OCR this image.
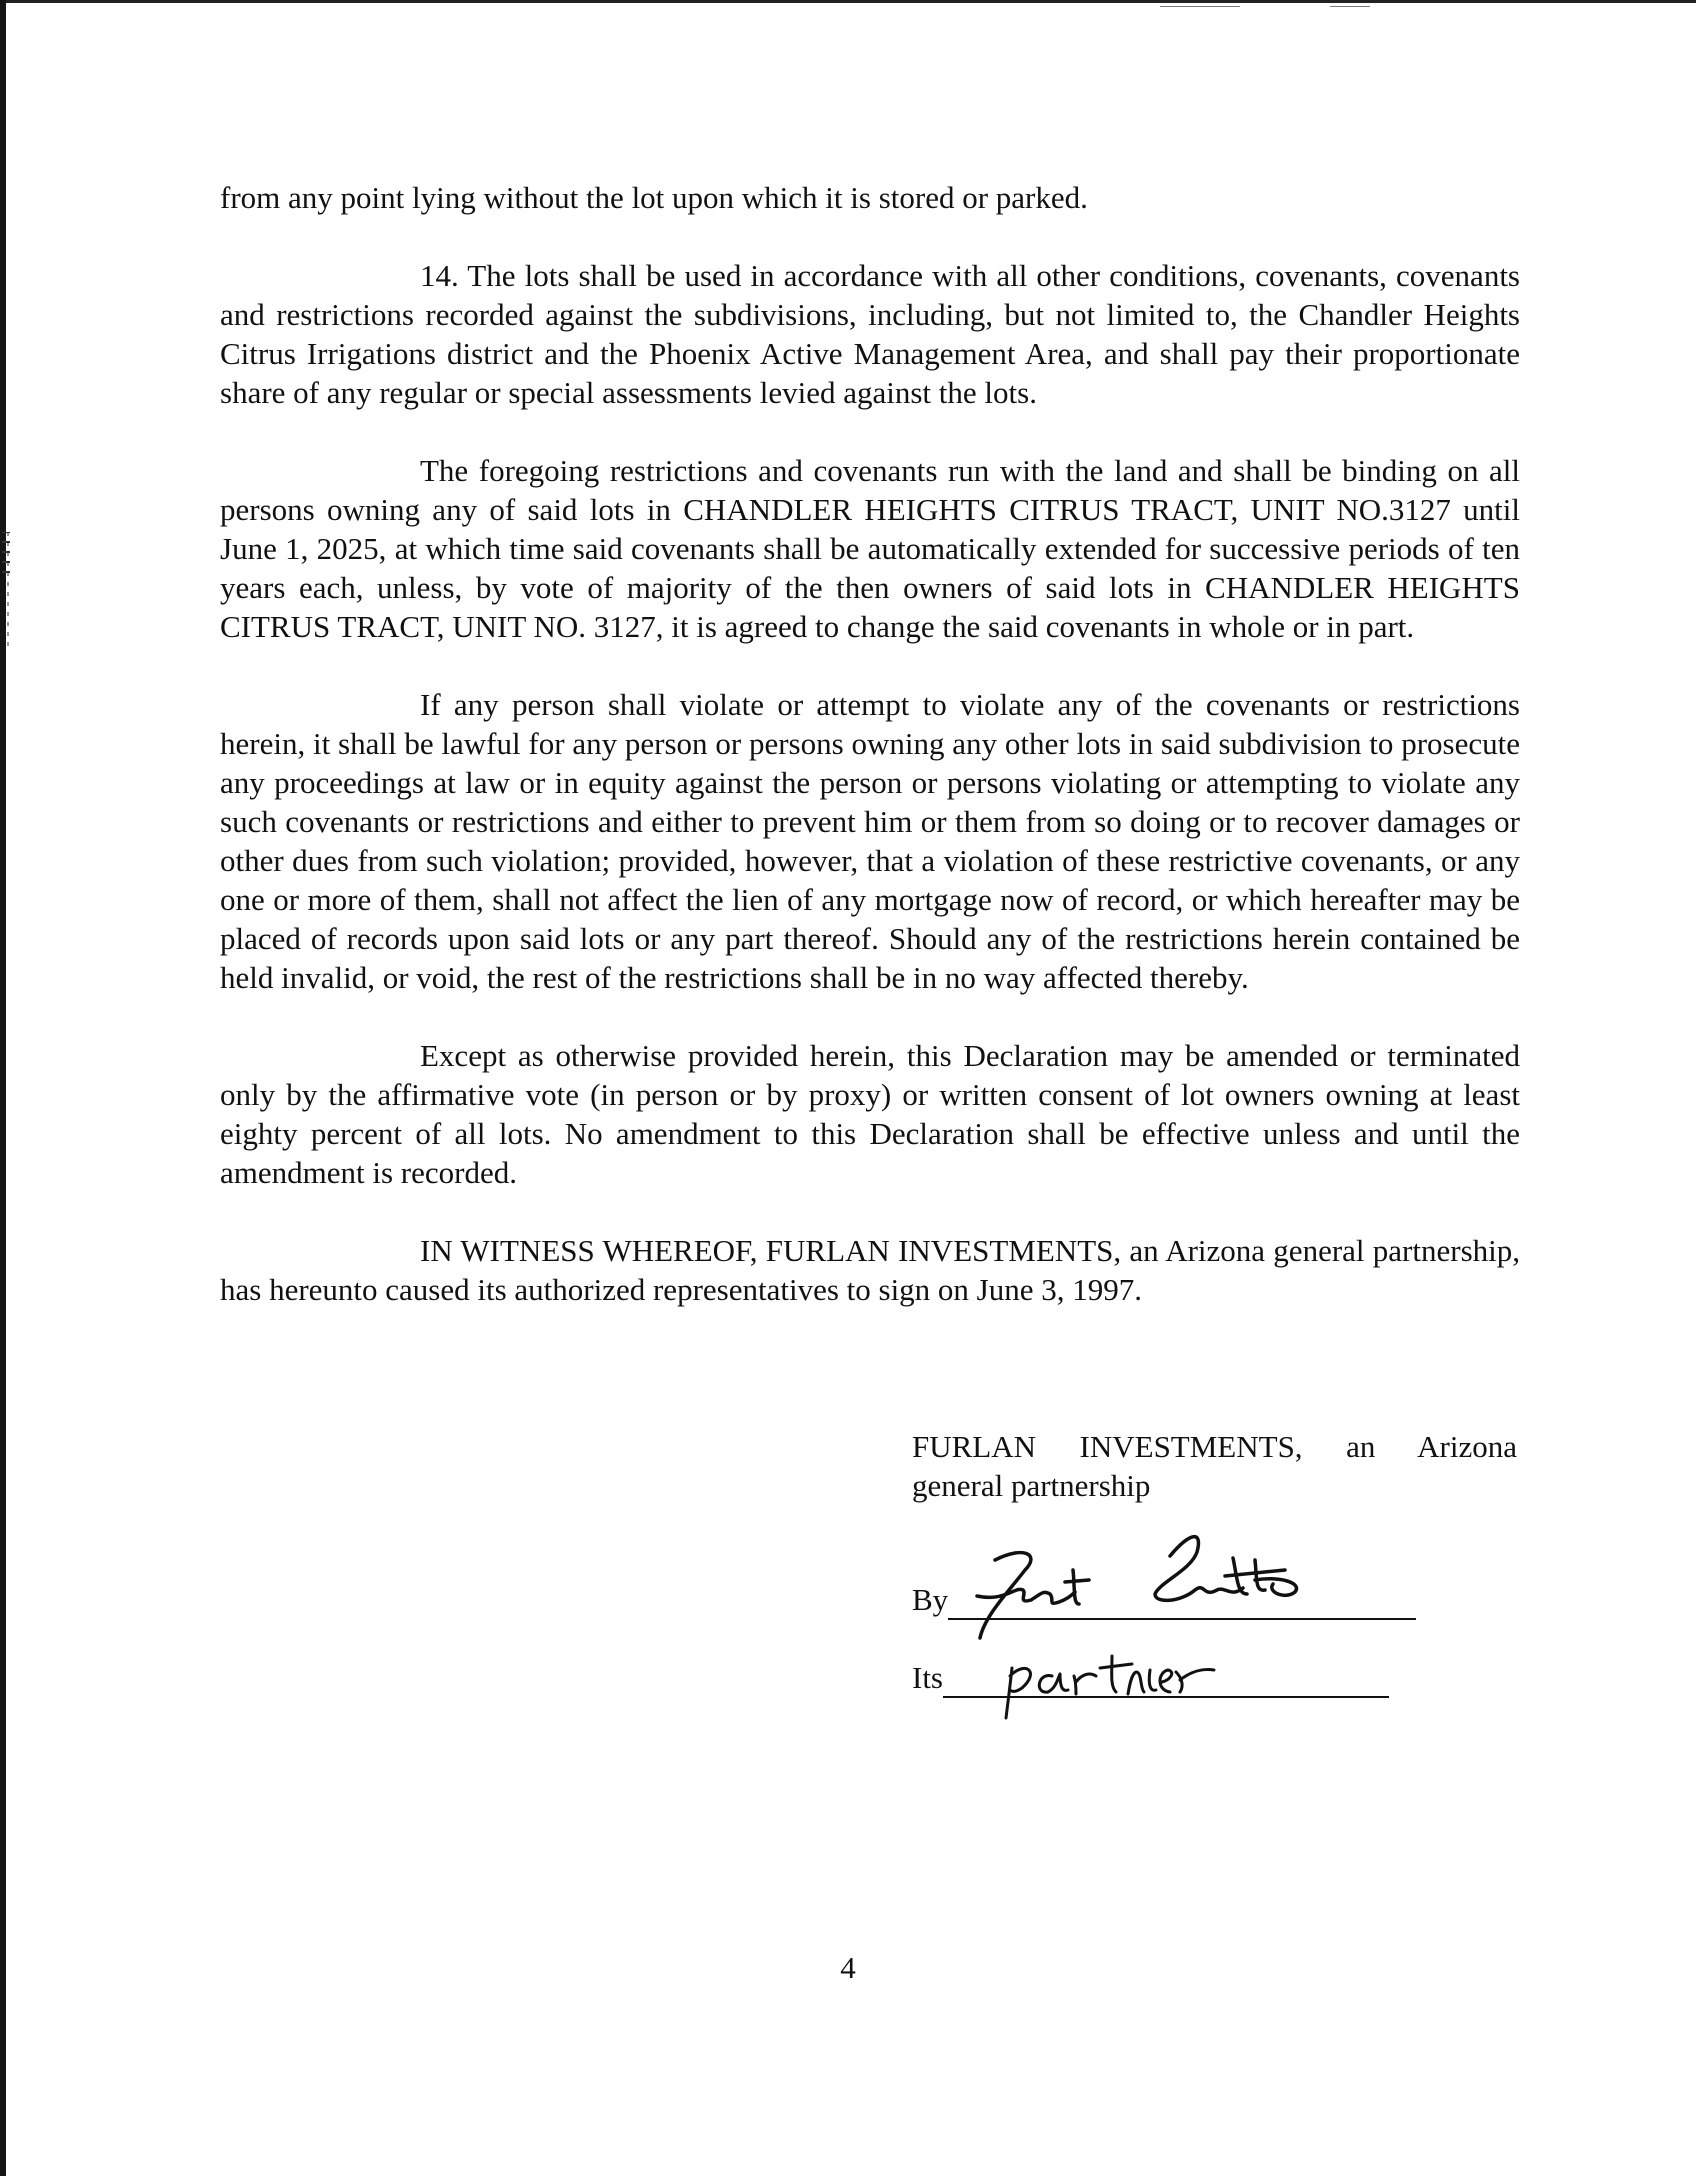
from any point lying without the lot upon which it is stored or parked.

14. The lots shall be used in accordance with all other conditions, covenants, covenants and restrictions recorded against the subdivisions, including, but not limited to, the Chandler Heights Citrus Irrigations district and the Phoenix Active Management Area, and shall pay their proportionate share of any regular or special assessments levied against the lots.

The foregoing restrictions and covenants run with the land and shall be binding on all persons owning any of said lots in CHANDLER HEIGHTS CITRUS TRACT, UNIT NO.3127 until June 1, 2025, at which time said covenants shall be automatically extended for successive periods of ten years each, unless, by vote of majority of the then owners of said lots in CHANDLER HEIGHTS CITRUS TRACT, UNIT NO. 3127, it is agreed to change the said covenants in whole or in part.

If any person shall violate or attempt to violate any of the covenants or restrictions herein, it shall be lawful for any person or persons owning any other lots in said subdivision to prosecute any proceedings at law or in equity against the person or persons violating or attempting to violate any such covenants or restrictions and either to prevent him or them from so doing or to recover damages or other dues from such violation; provided, however, that a violation of these restrictive covenants, or any one or more of them, shall not affect the lien of any mortgage now of record, or which hereafter may be placed of records upon said lots or any part thereof. Should any of the restrictions herein contained be held invalid, or void, the rest of the restrictions shall be in no way affected thereby.

Except as otherwise provided herein, this Declaration may be amended or terminated only by the affirmative vote (in person or by proxy) or written consent of lot owners owning at least eighty percent of all lots. No amendment to this Declaration shall be effective unless and until the amendment is recorded.

IN WITNESS WHEREOF, FURLAN INVESTMENTS, an Arizona general partnership, has hereunto caused its authorized representatives to sign on June 3, 1997.

FURLAN INVESTMENTS, an Arizona

general partnership

By
Its
4
